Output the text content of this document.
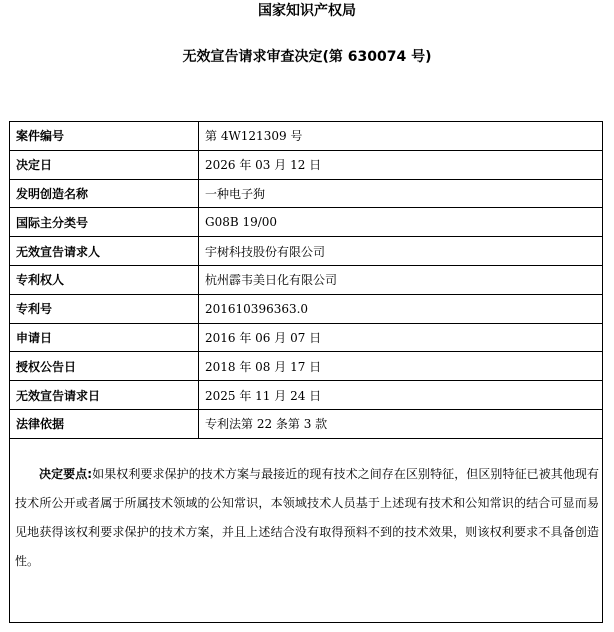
国家知识产权局
无效宣告请求审查决定(第 630074 号)
案件编号	第 4W121309 号
决定日	2026 年 03 月 12 日
发明创造名称	一种电子狗
国际主分类号	G08B 19/00
无效宣告请求人	宇树科技股份有限公司
专利权人	杭州霹韦美日化有限公司
专利号	201610396363.0
申请日	2016 年 06 月 07 日
授权公告日	2018 年 08 月 17 日
无效宣告请求日	2025 年 11 月 24 日
法律依据	专利法第 22 条第 3 款
决定要点:如果权利要求保护的技术方案与最接近的现有技术之间存在区别特征，但区别特征已被其他现有技术所公开或者属于所属技术领域的公知常识，本领域技术人员基于上述现有技术和公知常识的结合可显而易见地获得该权利要求保护的技术方案，并且上述结合没有取得预料不到的技术效果，则该权利要求不具备创造性。
